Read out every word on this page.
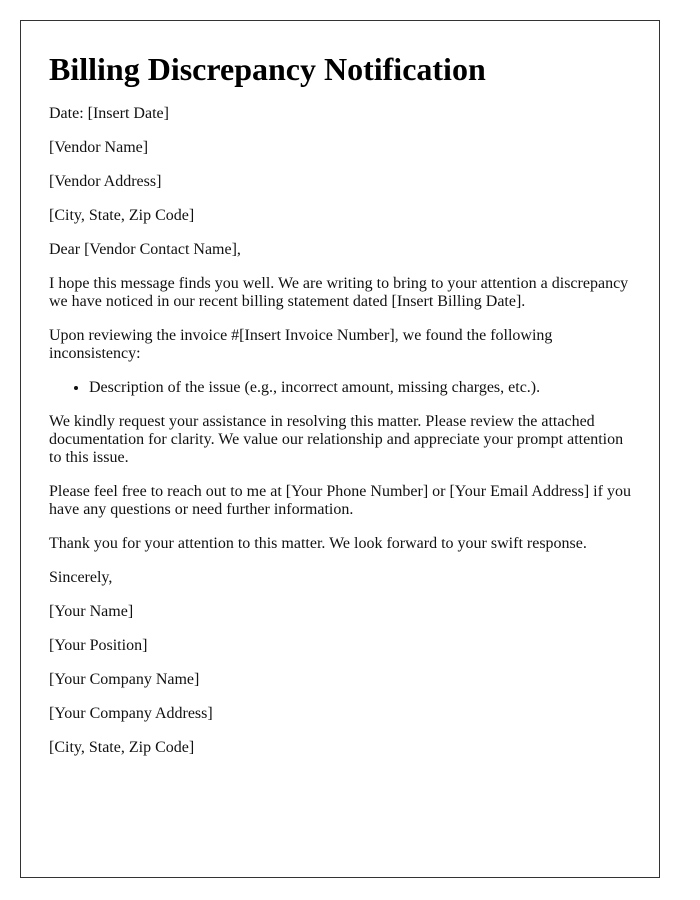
Billing Discrepancy Notification

Date: [Insert Date]

[Vendor Name]

[Vendor Address]

[City, State, Zip Code]

Dear [Vendor Contact Name],

I hope this message finds you well. We are writing to bring to your attention a discrepancy we have noticed in our recent billing statement dated [Insert Billing Date].

Upon reviewing the invoice #[Insert Invoice Number], we found the following inconsistency:

• Description of the issue (e.g., incorrect amount, missing charges, etc.).

We kindly request your assistance in resolving this matter. Please review the attached documentation for clarity. We value our relationship and appreciate your prompt attention to this issue.

Please feel free to reach out to me at [Your Phone Number] or [Your Email Address] if you have any questions or need further information.

Thank you for your attention to this matter. We look forward to your swift response.

Sincerely,

[Your Name]

[Your Position]

[Your Company Name]

[Your Company Address]

[City, State, Zip Code]
